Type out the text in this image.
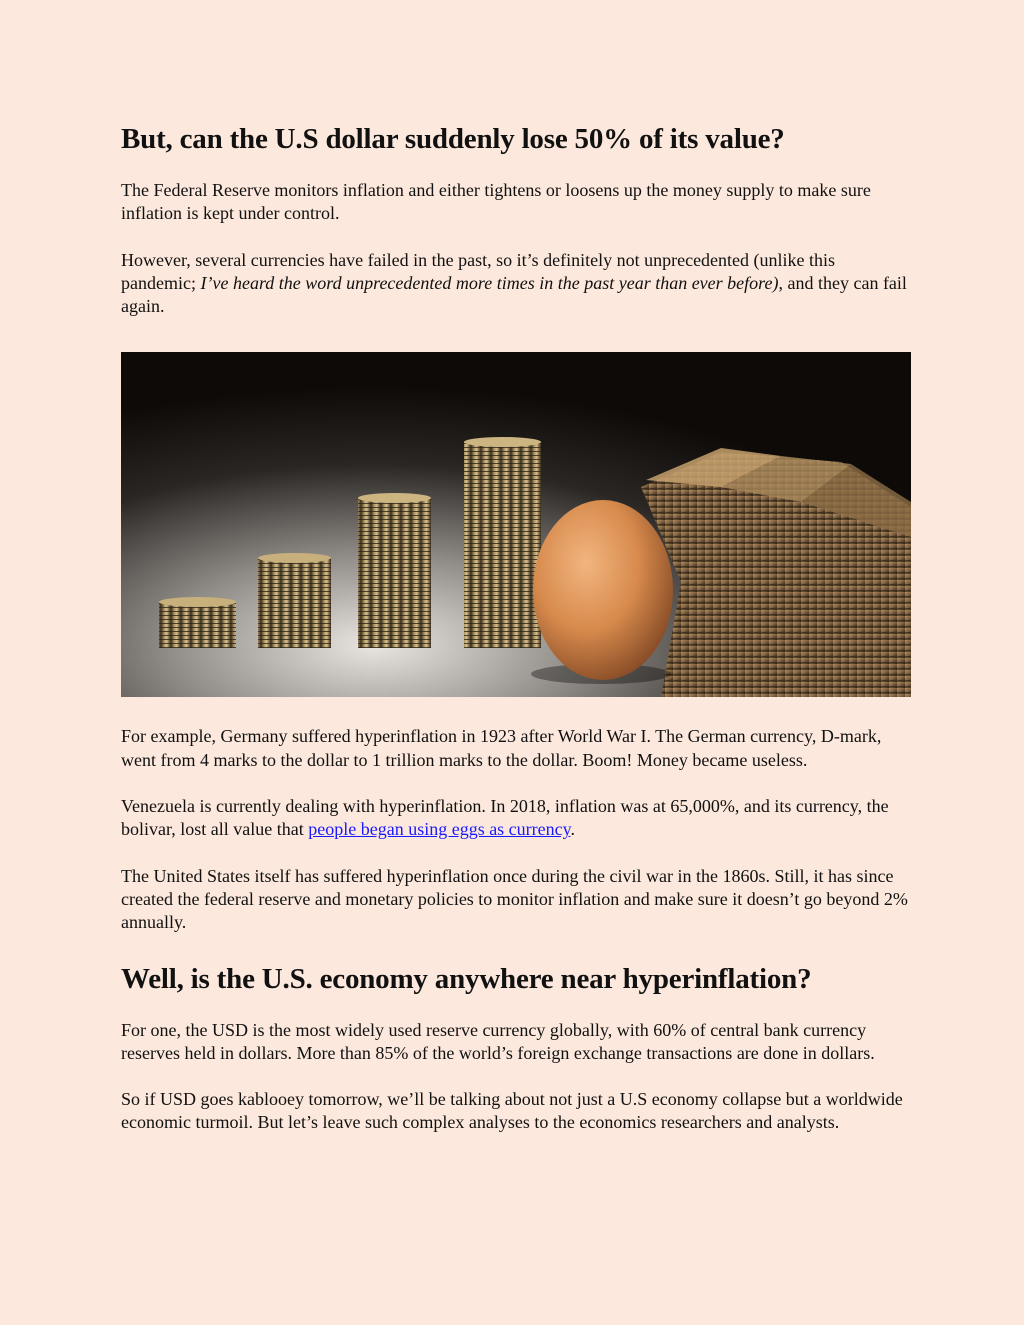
But, can the U.S dollar suddenly lose 50% of its value?

The Federal Reserve monitors inflation and either tightens or loosens up the money supply to make sure inflation is kept under control.

However, several currencies have failed in the past, so it’s definitely not unprecedented (unlike this pandemic; I’ve heard the word unprecedented more times in the past year than ever before), and they can fail again.

For example, Germany suffered hyperinflation in 1923 after World War I. The German currency, D-mark, went from 4 marks to the dollar to 1 trillion marks to the dollar. Boom! Money became useless.

Venezuela is currently dealing with hyperinflation. In 2018, inflation was at 65,000%, and its currency, the bolivar, lost all value that people began using eggs as currency.

The United States itself has suffered hyperinflation once during the civil war in the 1860s. Still, it has since created the federal reserve and monetary policies to monitor inflation and make sure it doesn’t go beyond 2% annually.

Well, is the U.S. economy anywhere near hyperinflation?

For one, the USD is the most widely used reserve currency globally, with 60% of central bank currency reserves held in dollars. More than 85% of the world’s foreign exchange transactions are done in dollars.

So if USD goes kablooey tomorrow, we’ll be talking about not just a U.S economy collapse but a worldwide economic turmoil. But let’s leave such complex analyses to the economics researchers and analysts.
